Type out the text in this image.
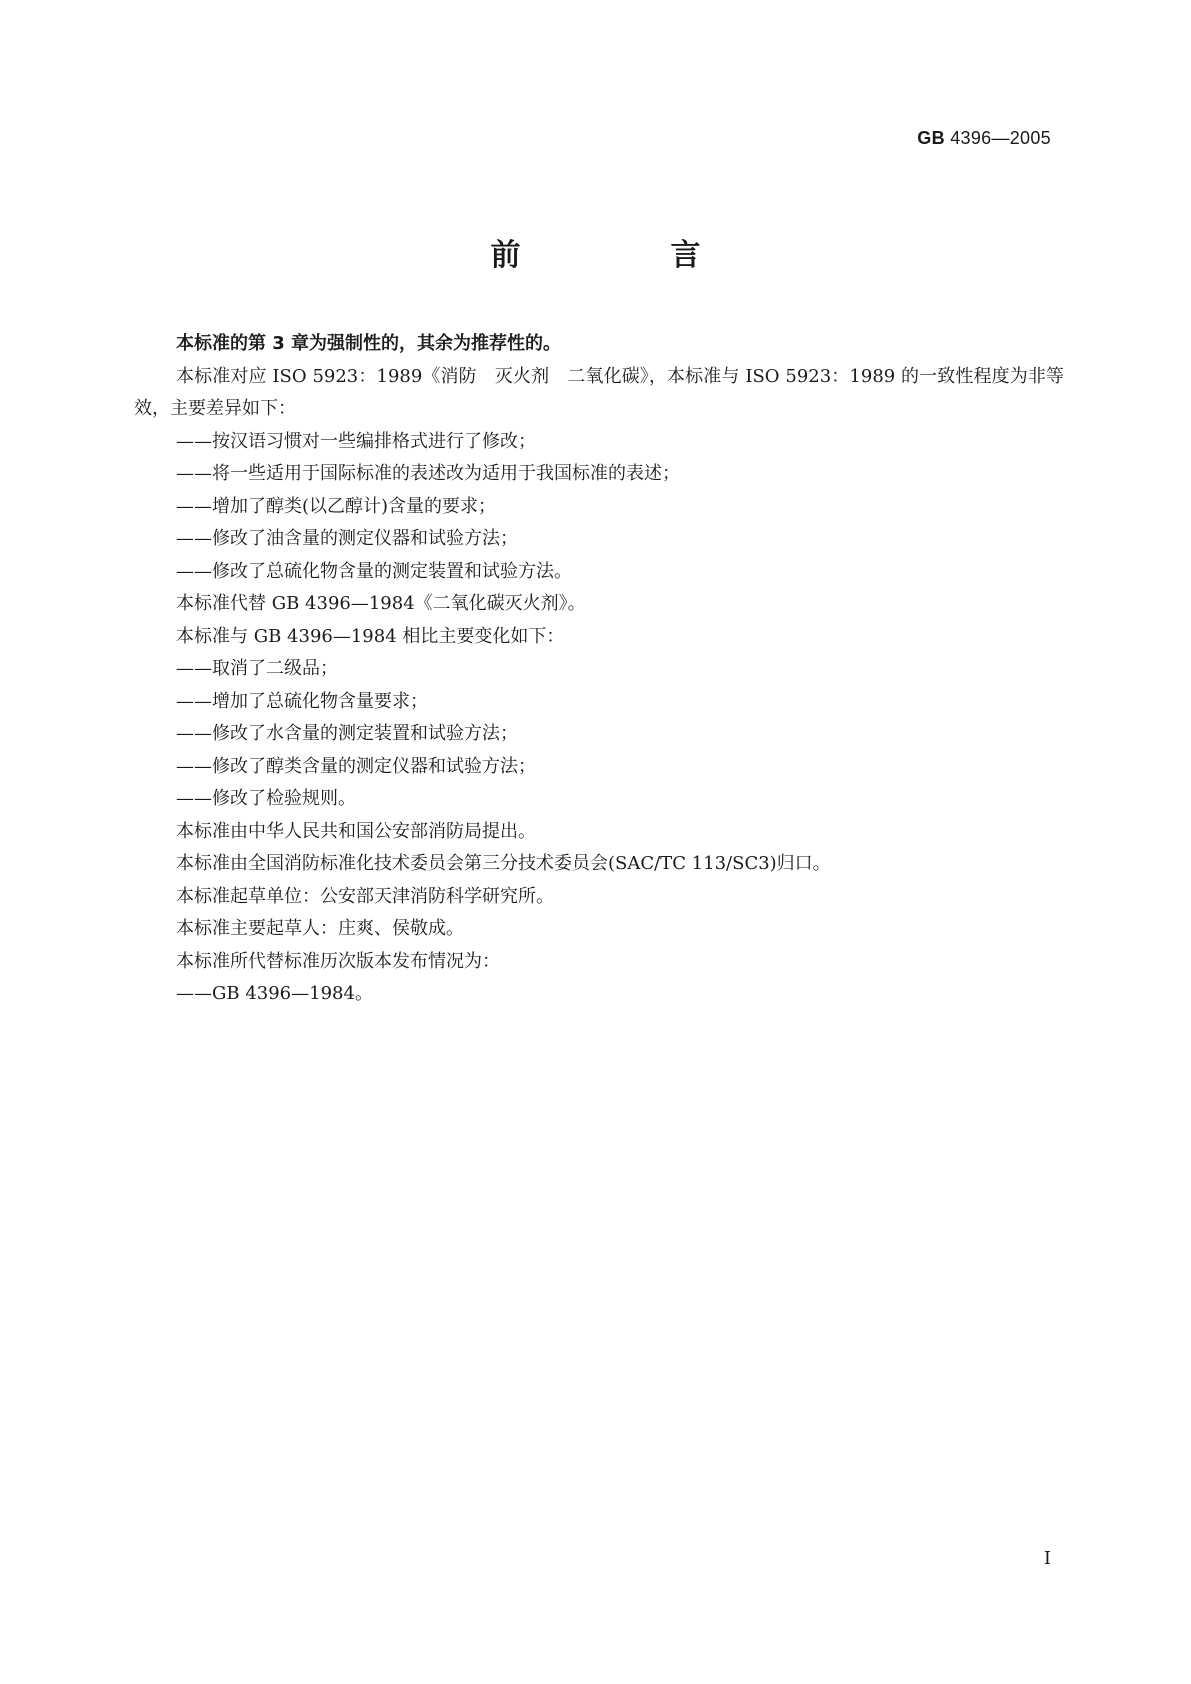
GB 4396—2005
前　言

本标准的第 3 章为强制性的，其余为推荐性的。

本标准对应 ISO 5923：1989《消防　灭火剂　二氧化碳》，本标准与 ISO 5923：1989 的一致性程度为非等效，主要差异如下：

——按汉语习惯对一些编排格式进行了修改；

——将一些适用于国际标准的表述改为适用于我国标准的表述；

——增加了醇类(以乙醇计)含量的要求；

——修改了油含量的测定仪器和试验方法；

——修改了总硫化物含量的测定装置和试验方法。

本标准代替 GB 4396—1984《二氧化碳灭火剂》。

本标准与 GB 4396—1984 相比主要变化如下：

——取消了二级品；

——增加了总硫化物含量要求；

——修改了水含量的测定装置和试验方法；

——修改了醇类含量的测定仪器和试验方法；

——修改了检验规则。

本标准由中华人民共和国公安部消防局提出。

本标准由全国消防标准化技术委员会第三分技术委员会(SAC/TC 113/SC3)归口。

本标准起草单位：公安部天津消防科学研究所。

本标准主要起草人：庄爽、侯敬成。

本标准所代替标准历次版本发布情况为：

——GB 4396—1984。

Ⅰ
